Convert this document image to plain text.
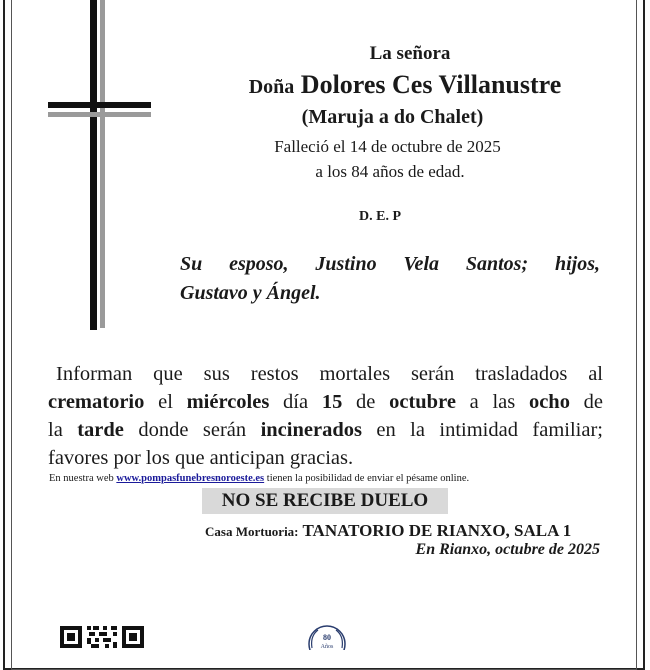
La señora
Doña Dolores Ces Villanustre
(Maruja a do Chalet)
Falleció el 14 de octubre de 2025
a los 84 años de edad.
D. E. P
Su esposo, Justino Vela Santos; hijos,
Gustavo y Ángel.
Informan que sus restos mortales serán trasladados al
crematorio el miércoles día 15 de octubre a las ocho de
la tarde donde serán incinerados en la intimidad familiar;
favores por los que anticipan gracias.
En nuestra web www.pompasfunebresnoroeste.es tienen la posibilidad de enviar el pésame online.
NO SE RECIBE DUELO
Casa Mortuoria: TANATORIO DE RIANXO, SALA 1
En Rianxo, octubre de 2025
80
Años
